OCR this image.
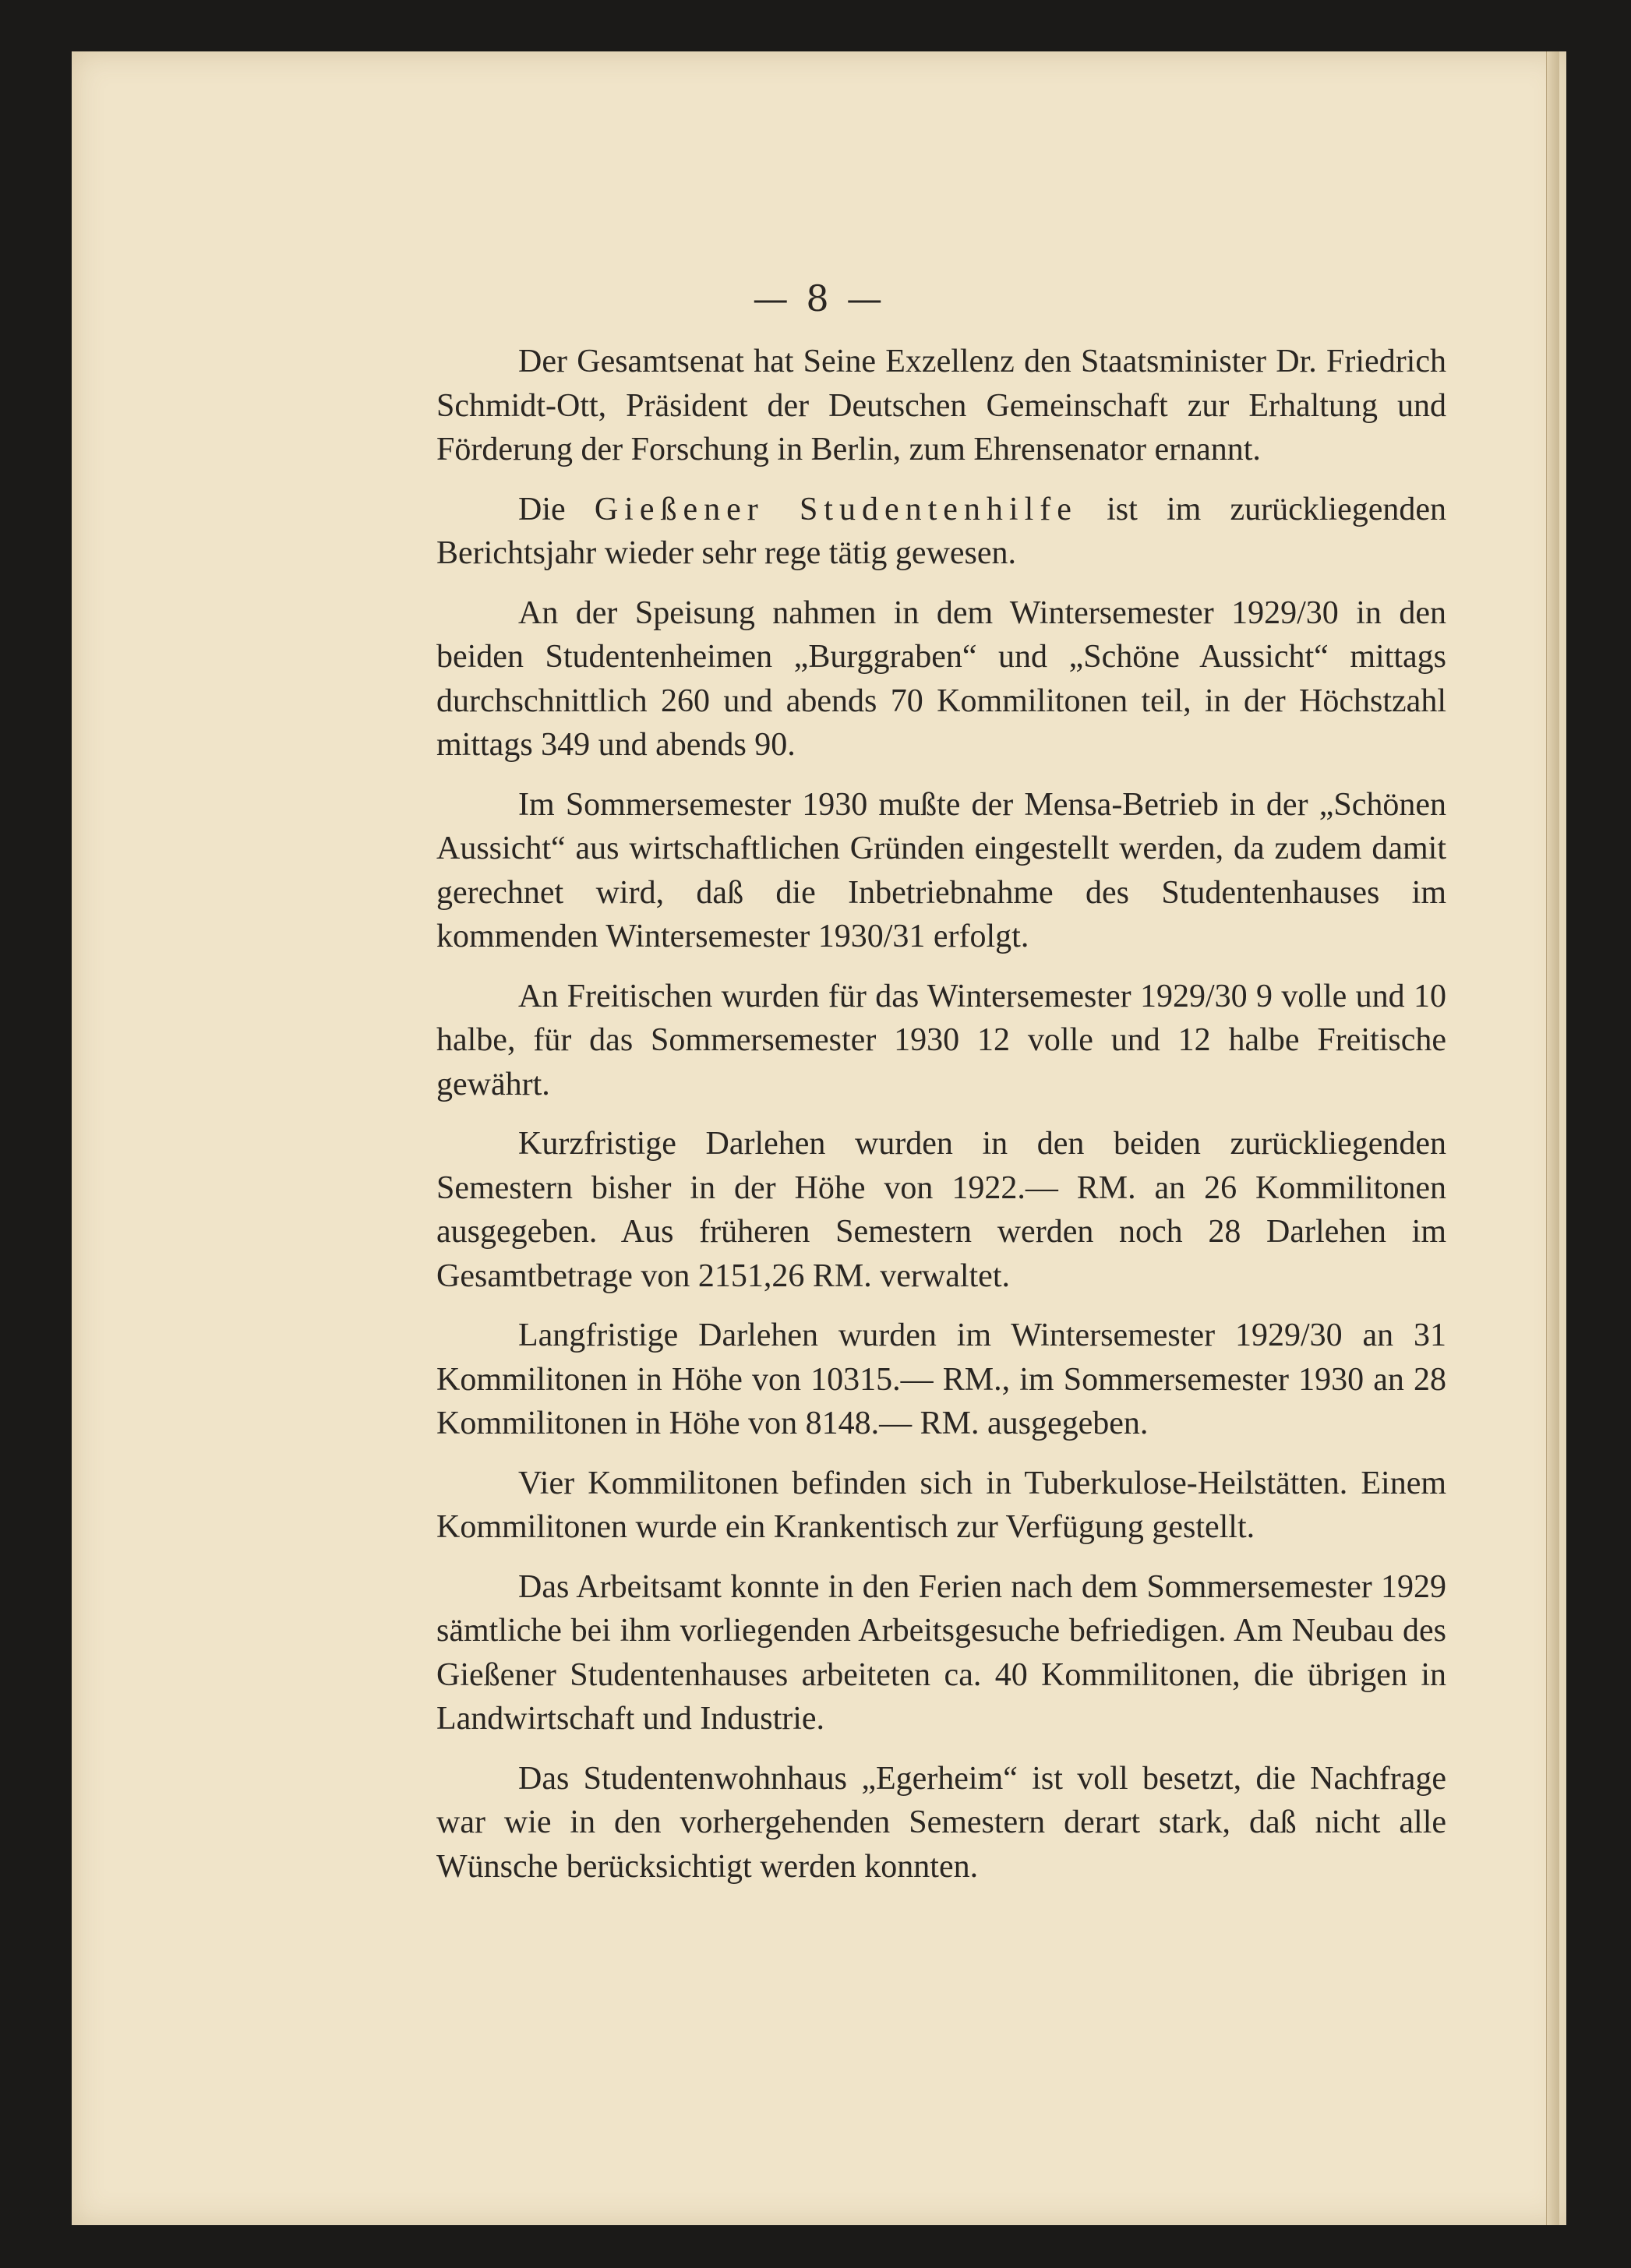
— 8 —

Der Gesamtsenat hat Seine Exzellenz den Staatsminister Dr. Friedrich Schmidt-Ott, Präsident der Deutschen Gemeinschaft zur Erhaltung und Förderung der Forschung in Berlin, zum Ehrensenator ernannt.

Die Gießener Studentenhilfe ist im zurückliegenden Berichtsjahr wieder sehr rege tätig gewesen.

An der Speisung nahmen in dem Wintersemester 1929/30 in den beiden Studentenheimen „Burggraben“ und „Schöne Aussicht“ mittags durchschnittlich 260 und abends 70 Kommilitonen teil, in der Höchstzahl mittags 349 und abends 90.

Im Sommersemester 1930 mußte der Mensa-Betrieb in der „Schönen Aussicht“ aus wirtschaftlichen Gründen eingestellt werden, da zudem damit gerechnet wird, daß die Inbetriebnahme des Studentenhauses im kommenden Wintersemester 1930/31 erfolgt.

An Freitischen wurden für das Wintersemester 1929/30 9 volle und 10 halbe, für das Sommersemester 1930 12 volle und 12 halbe Freitische gewährt.

Kurzfristige Darlehen wurden in den beiden zurückliegenden Semestern bisher in der Höhe von 1922.— RM. an 26 Kommilitonen ausgegeben. Aus früheren Semestern werden noch 28 Darlehen im Gesamtbetrage von 2151,26 RM. verwaltet.

Langfristige Darlehen wurden im Wintersemester 1929/30 an 31 Kommilitonen in Höhe von 10315.— RM., im Sommersemester 1930 an 28 Kommilitonen in Höhe von 8148.— RM. ausgegeben.

Vier Kommilitonen befinden sich in Tuberkulose-Heilstätten. Einem Kommilitonen wurde ein Krankentisch zur Verfügung gestellt.

Das Arbeitsamt konnte in den Ferien nach dem Sommersemester 1929 sämtliche bei ihm vorliegenden Arbeitsgesuche befriedigen. Am Neubau des Gießener Studentenhauses arbeiteten ca. 40 Kommilitonen, die übrigen in Landwirtschaft und Industrie.

Das Studentenwohnhaus „Egerheim“ ist voll besetzt, die Nachfrage war wie in den vorhergehenden Semestern derart stark, daß nicht alle Wünsche berücksichtigt werden konnten.
